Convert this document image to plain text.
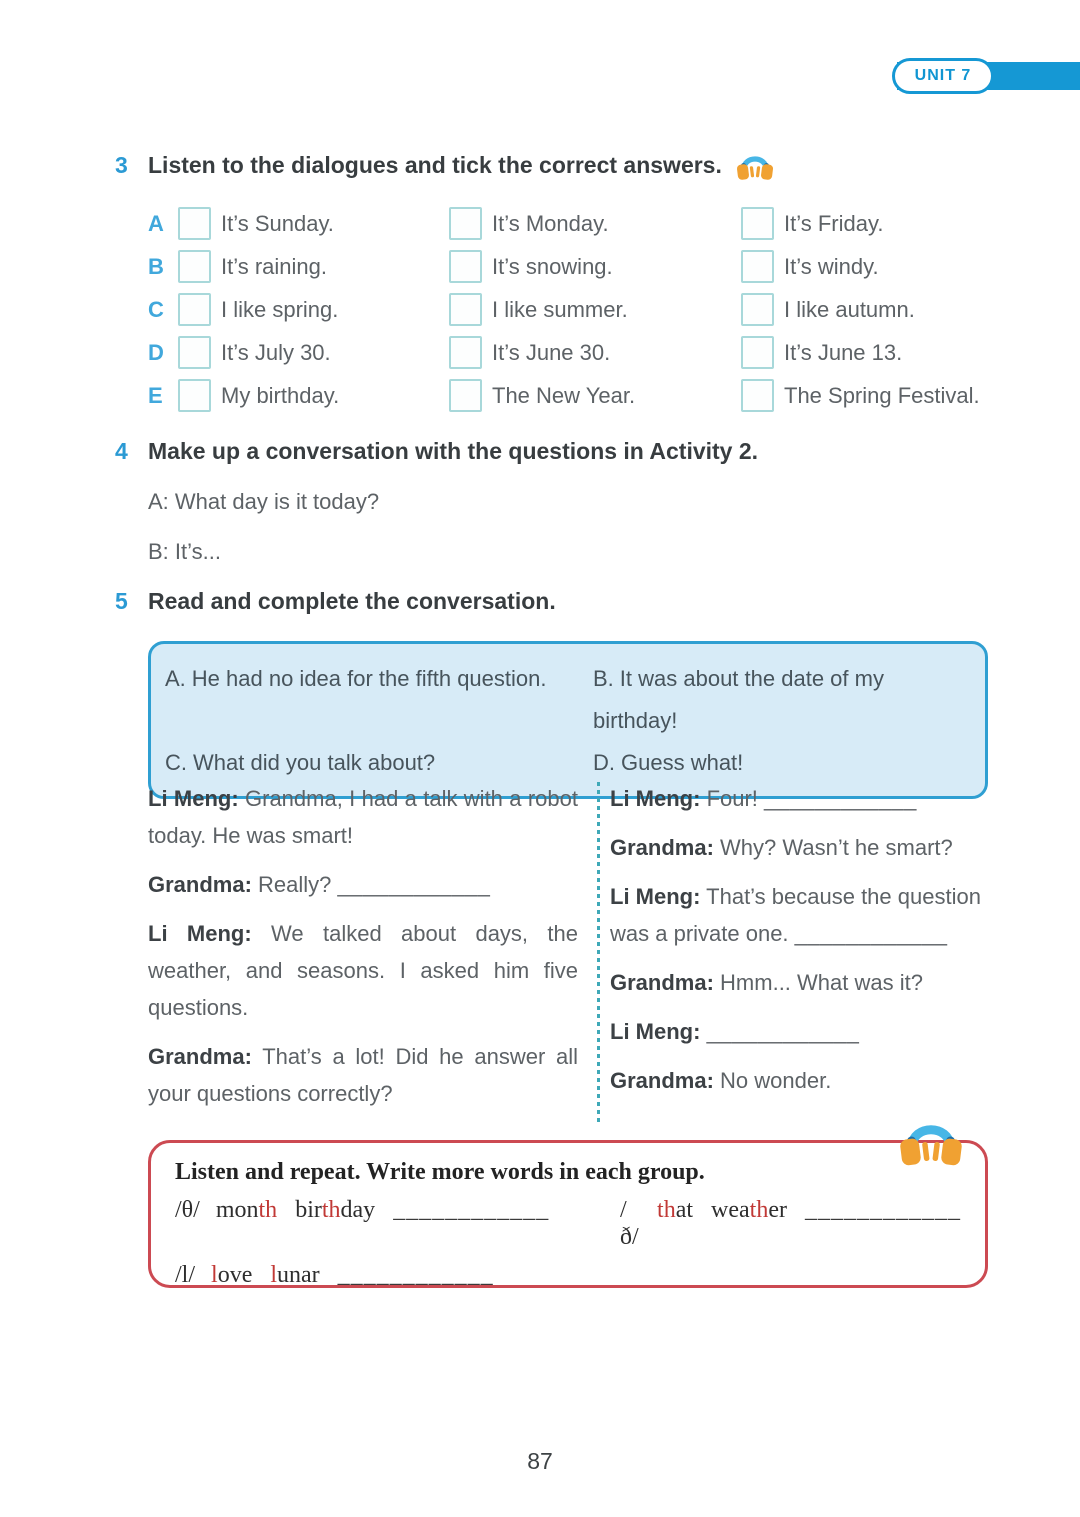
UNIT 7
3 Listen to the dialogues and tick the correct answers.
A	It’s Sunday.	It’s Monday.	It’s Friday.
B	It’s raining.	It’s snowing.	It’s windy.
C	I like spring.	I like summer.	I like autumn.
D	It’s July 30.	It’s June 30.	It’s June 13.
E	My birthday.	The New Year.	The Spring Festival.
4 Make up a conversation with the questions in Activity 2.

A: What day is it today?

B: It’s...

5 Read and complete the conversation.
A. He had no idea for the fifth question.	B. It was about the date of my birthday!
C. What did you talk about?	D. Guess what!

Li Meng: Grandma, I had a talk with a robot today. He was smart!

Grandma: Really? ____________

Li Meng: We talked about days, the weather, and seasons. I asked him five questions.

Grandma: That’s a lot! Did he answer all your questions correctly?

Li Meng: Four! ____________

Grandma: Why? Wasn’t he smart?

Li Meng: That’s because the question was a private one. ____________

Grandma: Hmm... What was it?

Li Meng: ____________

Grandma: No wonder.

Listen and repeat. Write more words in each group.
/θ/ month birthday ____________	/ð/
that weather ____________
/l/ love lunar ____________
87
